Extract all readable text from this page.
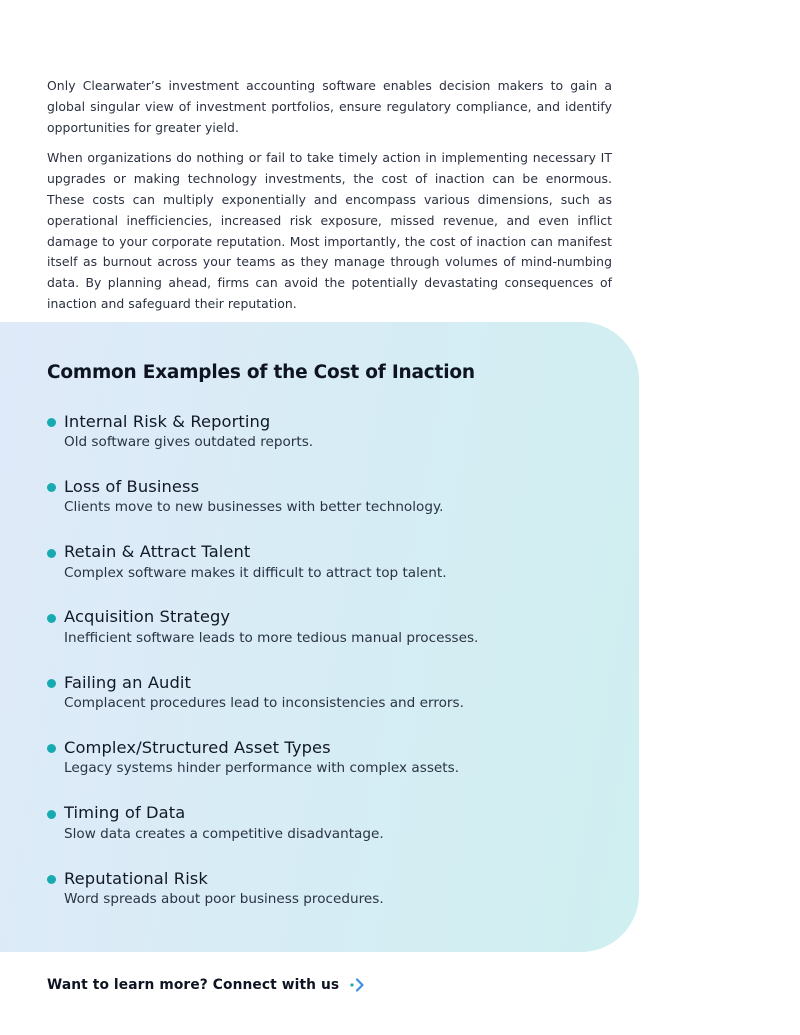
Only Clearwater’s investment accounting software enables decision makers to gain a global singular view of investment portfolios, ensure regulatory compliance, and identify opportunities for greater yield.

When organizations do nothing or fail to take timely action in implementing necessary IT upgrades or making technology investments, the cost of inaction can be enormous. These costs can multiply exponentially and encompass various dimensions, such as operational inefficiencies, increased risk exposure, missed revenue, and even inflict damage to your corporate reputation. Most importantly, the cost of inaction can manifest itself as burnout across your teams as they manage through volumes of mind-numbing data. By planning ahead, firms can avoid the potentially devastating consequences of inaction and safeguard their reputation.

Common Examples of the Cost of Inaction
Internal Risk & Reporting
Old software gives outdated reports.
Loss of Business
Clients move to new businesses with better technology.
Retain & Attract Talent
Complex software makes it difficult to attract top talent.
Acquisition Strategy
Inefficient software leads to more tedious manual processes.
Failing an Audit
Complacent procedures lead to inconsistencies and errors.
Complex/Structured Asset Types
Legacy systems hinder performance with complex assets.
Timing of Data
Slow data creates a competitive disadvantage.
Reputational Risk
Word spreads about poor business procedures.
Want to learn more? Connect with us
